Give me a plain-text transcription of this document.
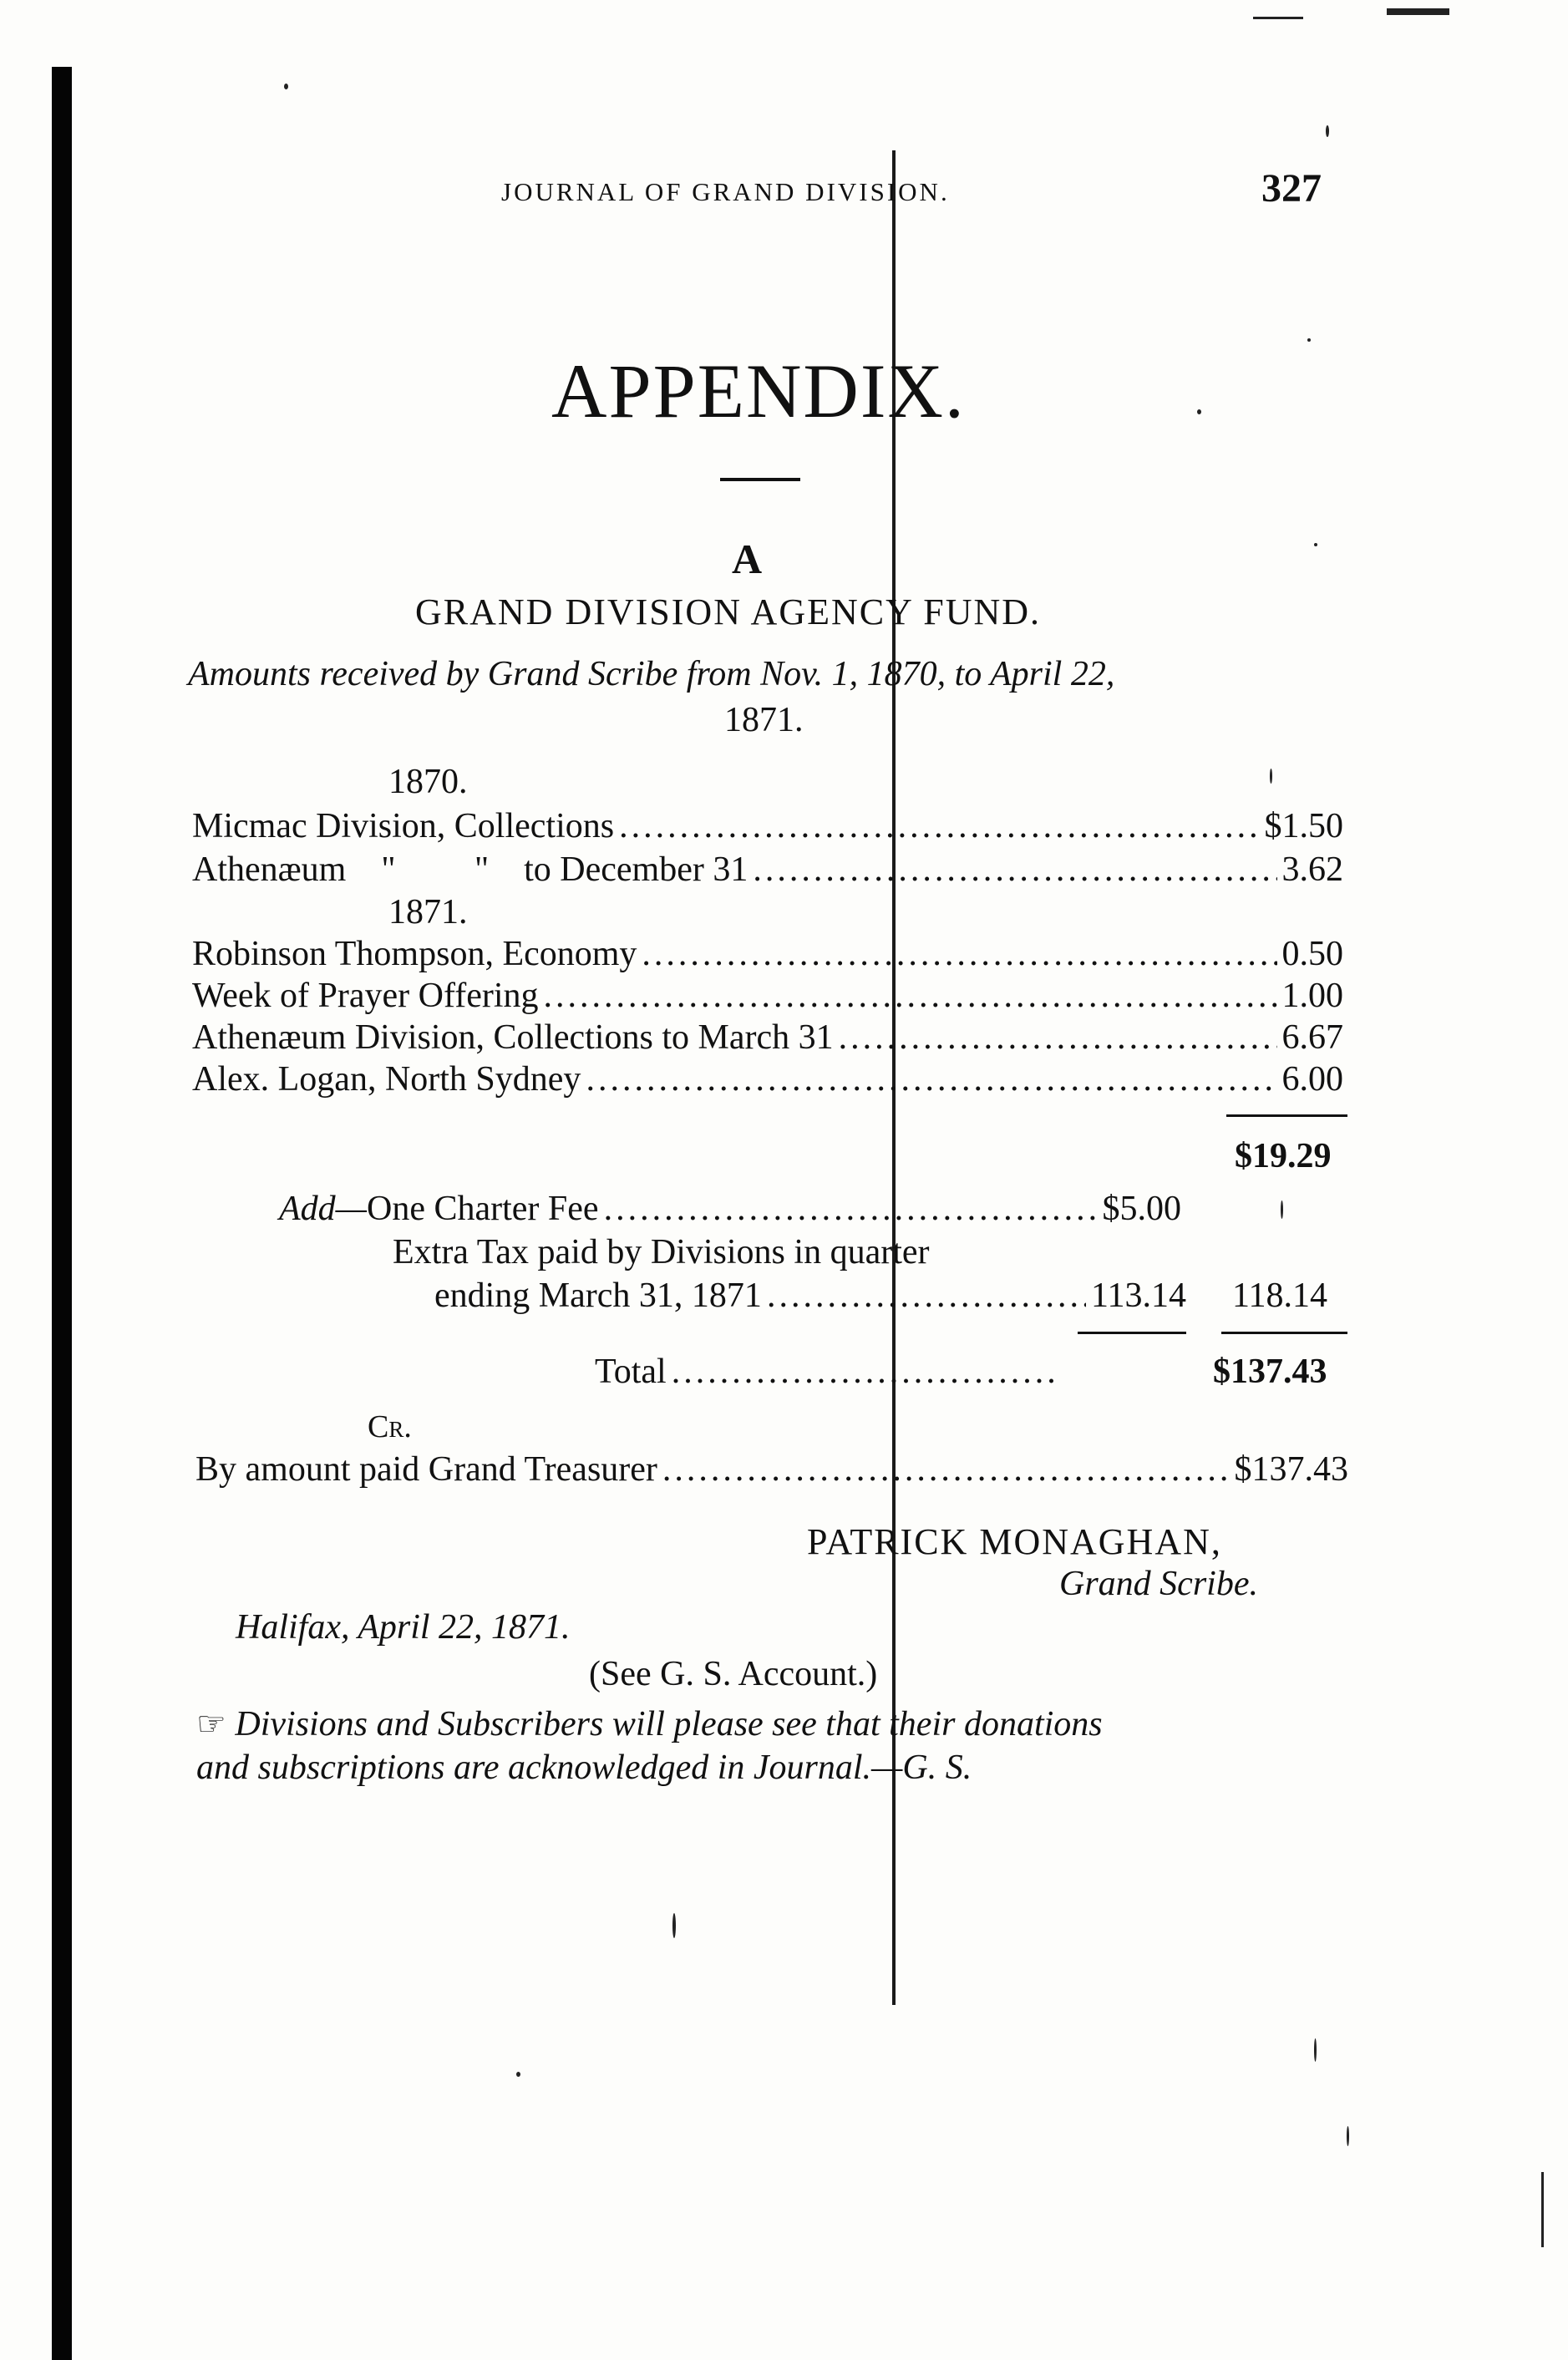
JOURNAL OF GRAND DIVISION.	327
APPENDIX.
A
GRAND DIVISION AGENCY FUND.
Amounts received by Grand Scribe from Nov. 1, 1870, to April 22,
1871.
1870.
Micmac Division, Collections .....	$1.50
Athenæum    "         "    to December 31 .....	3.62
1871.
Robinson Thompson, Economy .....	0.50
Week of Prayer Offering .....	1.00
Athenæum Division, Collections to March 31 .....	6.67
Alex. Logan, North Sydney .....	6.00
$19.29
Add—One Charter Fee .....	$5.00
Extra Tax paid by Divisions in quarter
ending March 31, 1871 .....	113.14 118.14
Total .....	$137.43
Cr.
By amount paid Grand Treasurer .....	$137.43
PATRICK MONAGHAN,
Grand Scribe.
Halifax, April 22, 1871.
(See G. S. Account.)
☞ Divisions and Subscribers will please see that their donations
and subscriptions are acknowledged in Journal.—G. S.
